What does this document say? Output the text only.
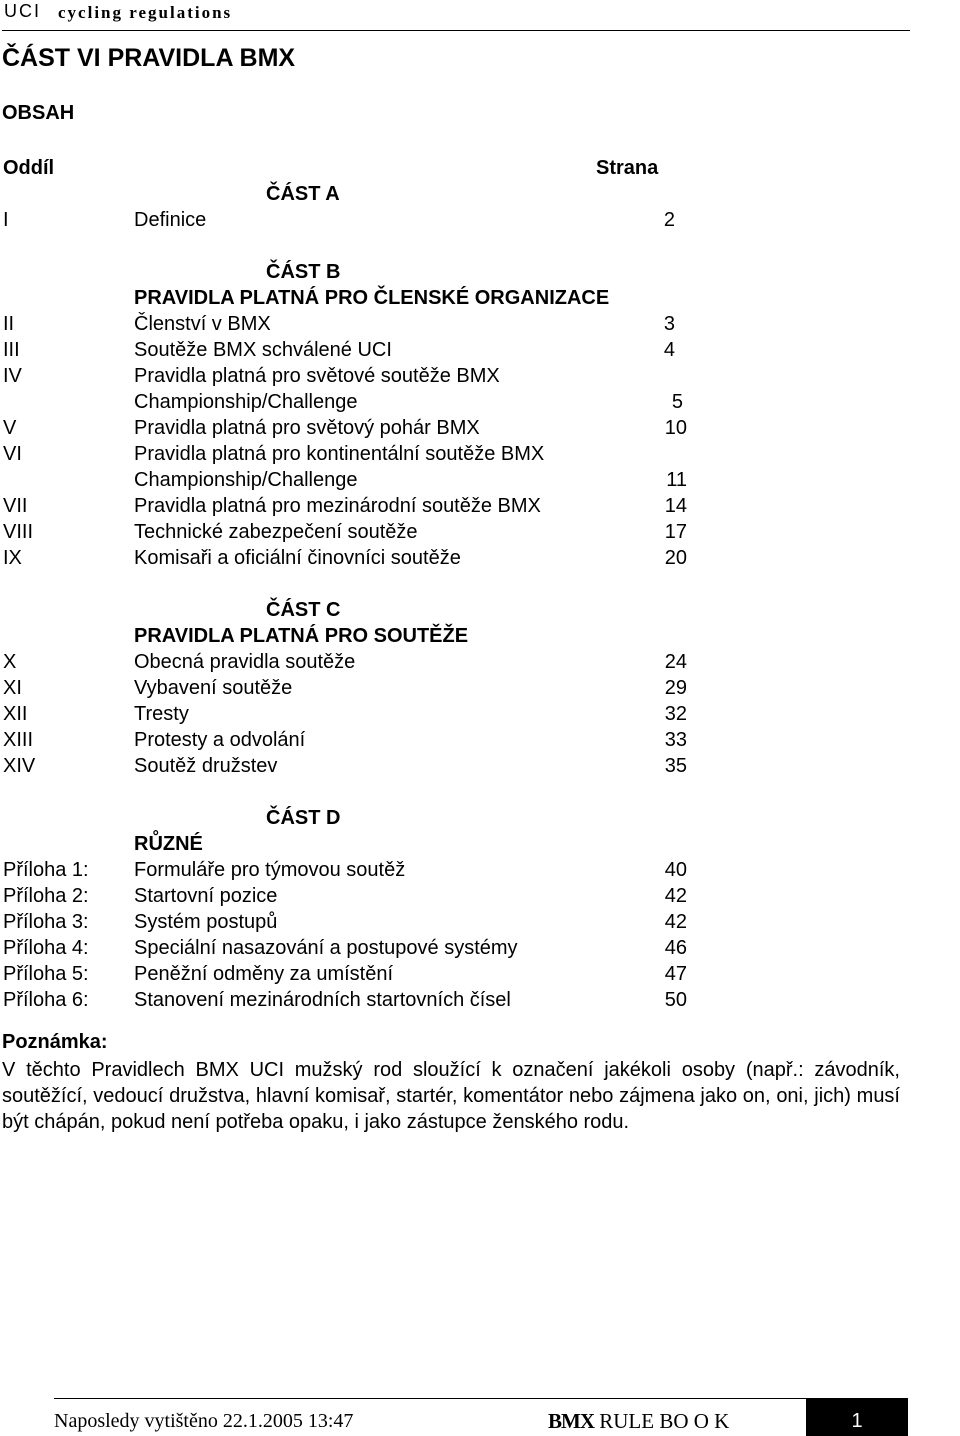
UCI cycling regulations
ČÁST VI PRAVIDLA BMX
OBSAH
Oddíl	Strana
ČÁST A
I	Definice	2
ČÁST B
PRAVIDLA PLATNÁ PRO ČLENSKÉ ORGANIZACE
II	Členství v BMX	3
III	Soutěže BMX schválené UCI	4
IV	Pravidla platná pro světové soutěže BMX
Championship/Challenge	5
V	Pravidla platná pro světový pohár BMX	10
VI	Pravidla platná pro kontinentální soutěže BMX
Championship/Challenge	11
VII	Pravidla platná pro mezinárodní soutěže BMX	14
VIII	Technické zabezpečení soutěže	17
IX	Komisaři a oficiální činovníci soutěže	20
ČÁST C
PRAVIDLA PLATNÁ PRO SOUTĚŽE
X	Obecná pravidla soutěže	24
XI	Vybavení soutěže	29
XII	Tresty	32
XIII	Protesty a odvolání	33
XIV	Soutěž družstev	35
ČÁST D
RŮZNÉ
Příloha 1: Formuláře pro týmovou soutěž	40
Příloha 2: Startovní pozice	42
Příloha 3: Systém postupů	42
Příloha 4: Speciální nasazování a postupové systémy	46
Příloha 5: Peněžní odměny za umístění	47
Příloha 6: Stanovení mezinárodních startovních čísel	50
Poznámka:

V těchto Pravidlech BMX UCI mužský rod sloužící k označení jakékoli osoby (např.: závodník, soutěžící, vedoucí družstva, hlavní komisař, startér, komentátor nebo zájmena jako on, oni, jich) musí být chápán, pokud není potřeba opaku, i jako zástupce ženského rodu.

Naposledy vytištěno 22.1.2005 13:47	BMX RULE BO O K	1
